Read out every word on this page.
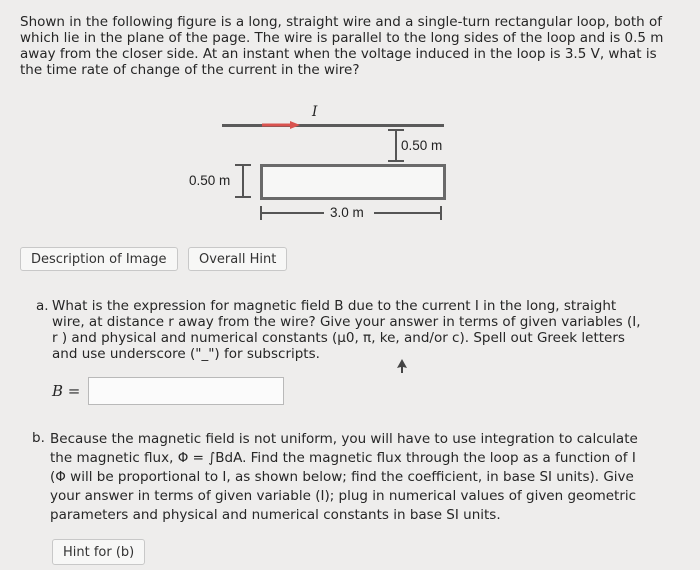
Shown in the following figure is a long, straight wire and a single-turn rectangular loop, both of which lie in the plane of the page. The wire is parallel to the long sides of the loop and is 0.5 m away from the closer side. At an instant when the voltage induced in the loop is 3.5 V, what is the time rate of change of the current in the wire?
I
0.50 m
0.50 m
3.0 m
Description of Image	Overall Hint
a. What is the expression for magnetic field B due to the current I in the long, straight wire, at distance r away from the wire? Give your answer in terms of given variables (I, r ) and physical and numerical constants (μ0, π, ke, and/or c). Spell out Greek letters and use underscore ("_") for subscripts.
B =
b. Because the magnetic field is not uniform, you will have to use integration to calculate the magnetic flux, Φ = ∫BdA. Find the magnetic flux through the loop as a function of I (Φ will be proportional to I, as shown below; find the coefficient, in base SI units). Give your answer in terms of given variable (I); plug in numerical values of given geometric parameters and physical and numerical constants in base SI units.
Hint for (b)
